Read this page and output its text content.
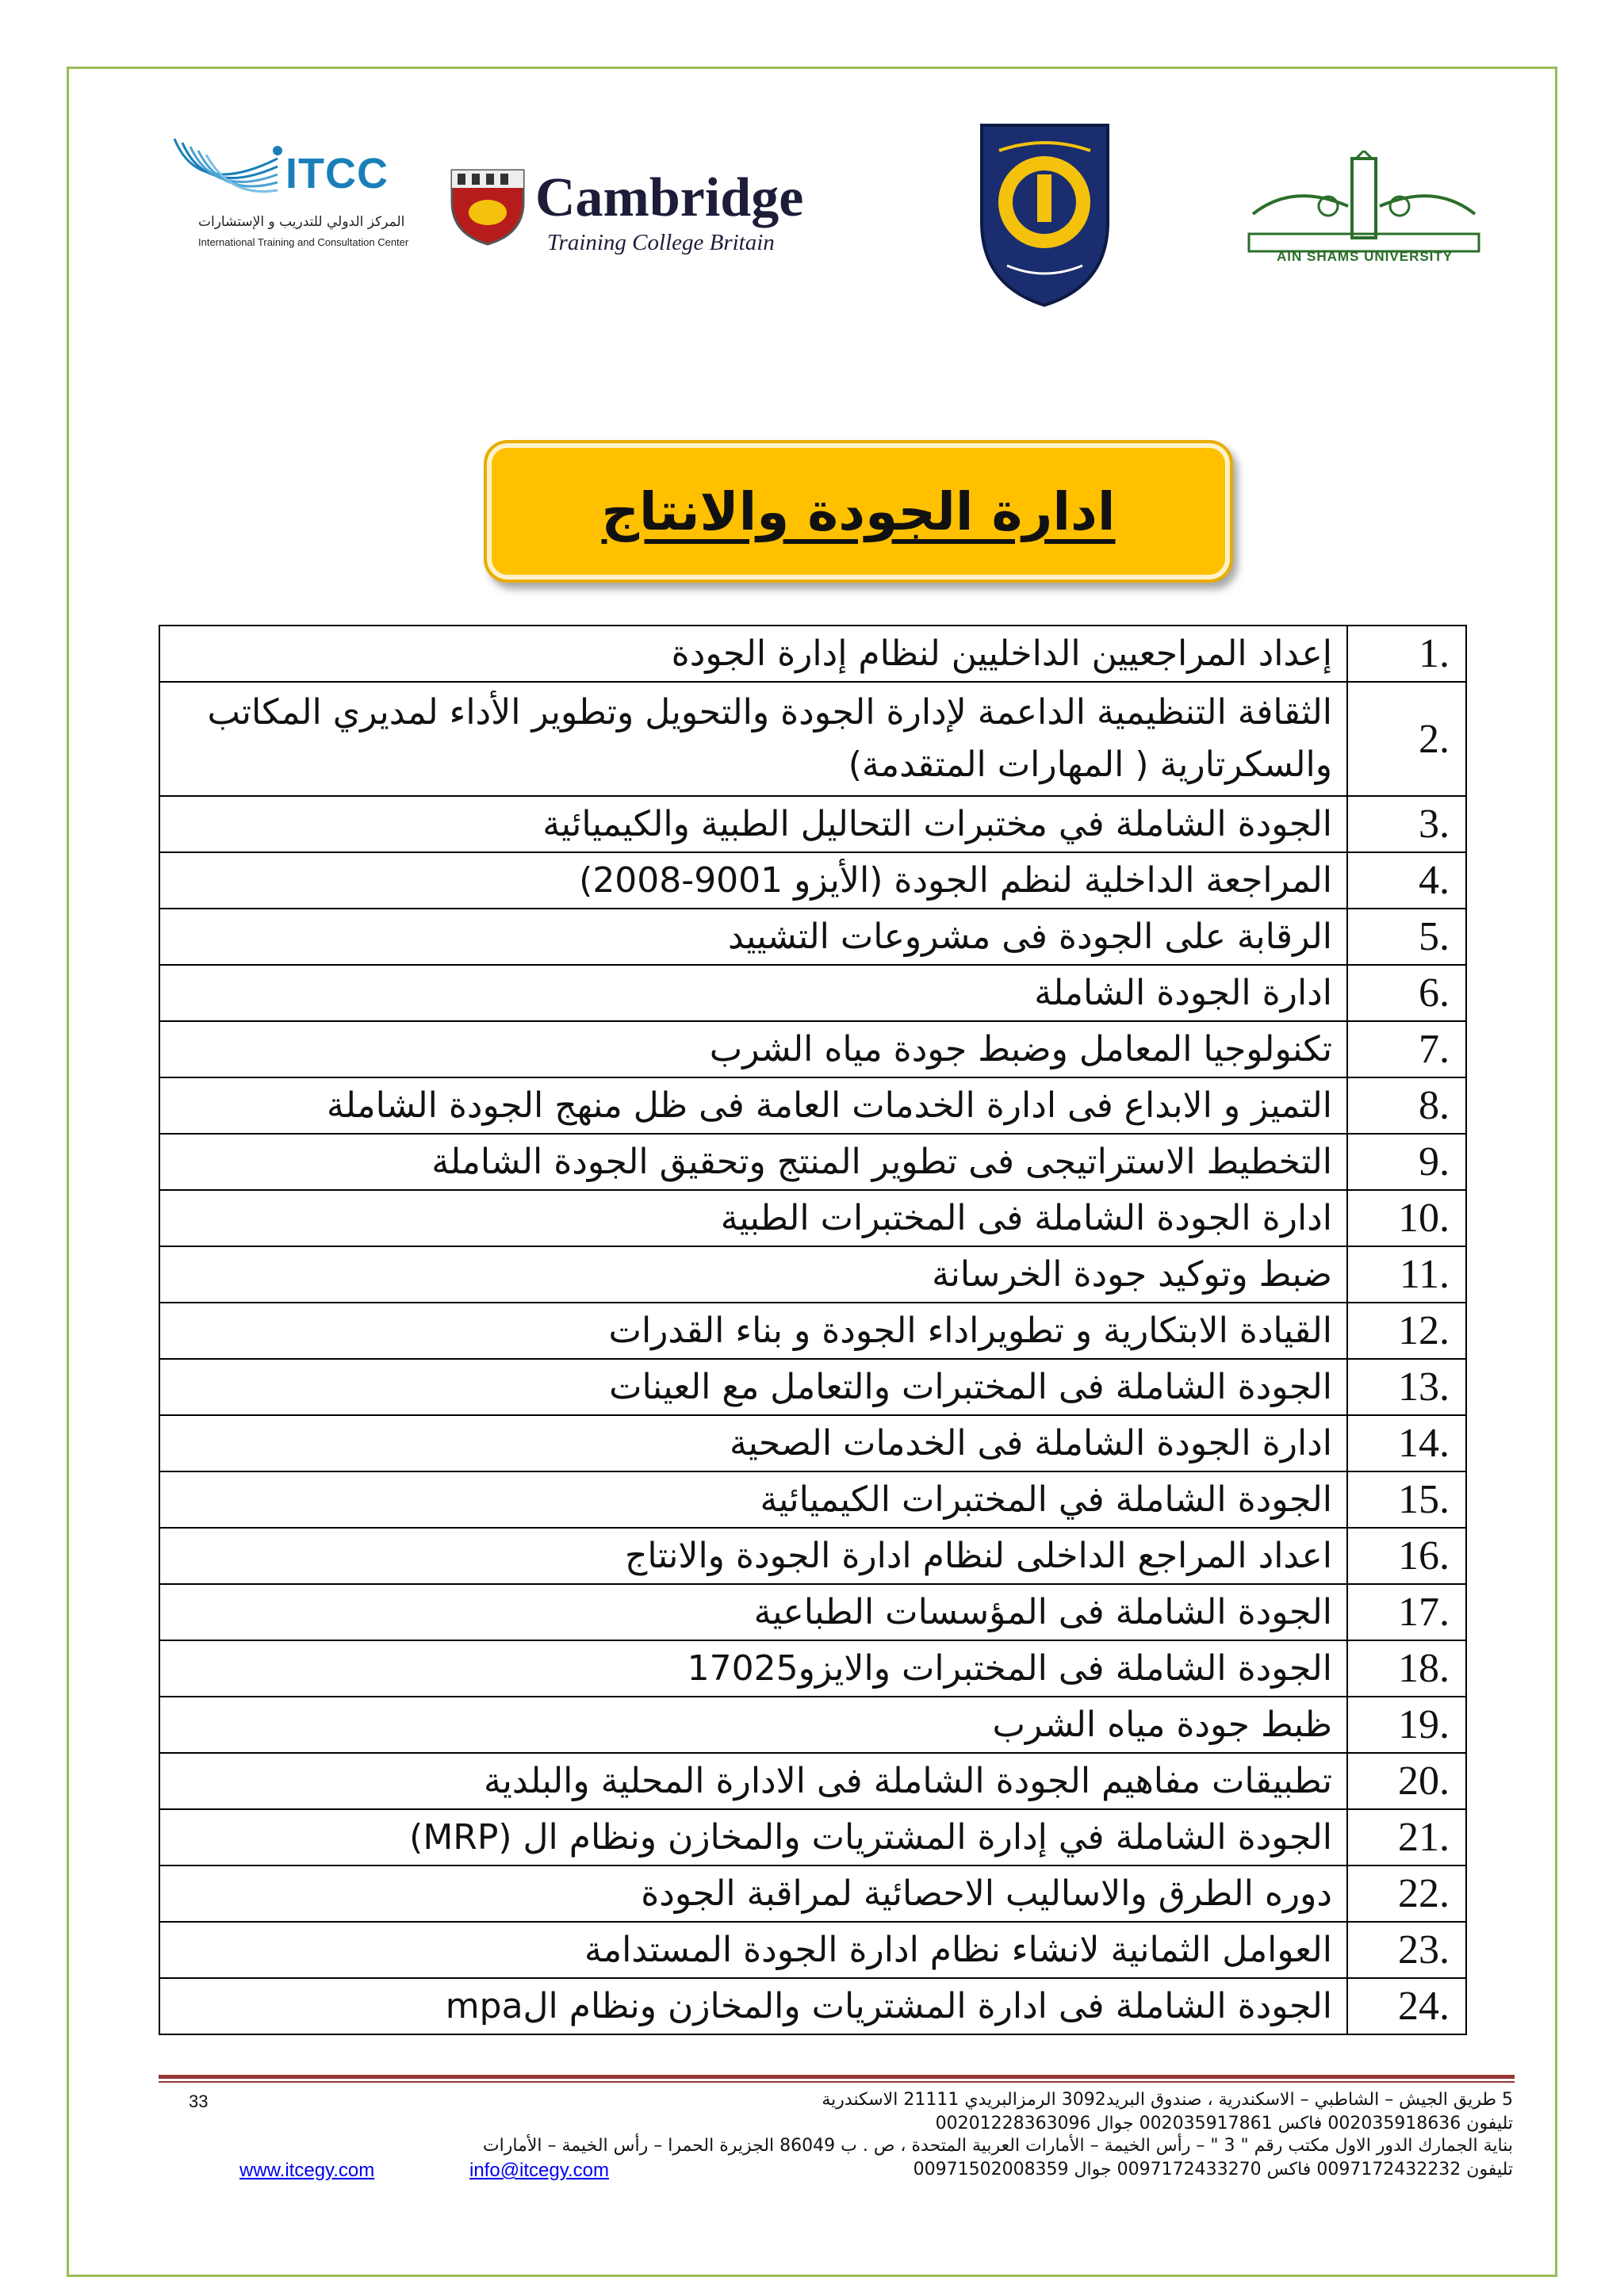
ITCC
المركز الدولي للتدريب و الإستشارات
International Training and Consultation Center
Cambridge
Training College Britain
AIN SHAMS UNIVERSITY
ادارة الجودة والانتاج
1.	إعداد المراجعيين الداخليين لنظام إدارة الجودة
2.	الثقافة التنظيمية الداعمة لإدارة الجودة والتحويل وتطوير الأداء لمديري المكاتب والسكرتارية ( المهارات المتقدمة)
3.	الجودة الشاملة في مختبرات التحاليل الطبية والكيميائية
4.	المراجعة الداخلية لنظم الجودة (الأيزو 9001-2008)
5.	الرقابة على الجودة فى مشروعات التشييد
6.	ادارة الجودة الشاملة
7.	تكنولوجيا المعامل وضبط جودة مياه الشرب
8.	التميز و الابداع فى ادارة الخدمات العامة فى ظل منهج الجودة الشاملة
9.	التخطيط الاستراتيجى فى تطوير المنتج وتحقيق الجودة الشاملة
10.	ادارة الجودة الشاملة فى المختبرات الطبية
11.	ضبط وتوكيد جودة الخرسانة
12.	القيادة الابتكارية و تطويراداء الجودة و بناء القدرات
13.	الجودة الشاملة فى المختبرات والتعامل مع العينات
14.	ادارة الجودة الشاملة فى الخدمات الصحية
15.	الجودة الشاملة في المختبرات الكيميائية
16.	اعداد المراجع الداخلى لنظام ادارة الجودة والانتاج
17.	الجودة الشاملة فى المؤسسات الطباعية
18.	الجودة الشاملة فى المختبرات والايزو17025
19.	ظبط جودة مياه الشرب
20.	تطبيقات مفاهيم الجودة الشاملة فى الادارة المحلية والبلدية
21.	الجودة الشاملة في إدارة المشتريات والمخازن ونظام ال (MRP)
22.	دوره الطرق والاساليب الاحصائية لمراقبة الجودة
23.	العوامل الثمانية لانشاء نظام ادارة الجودة المستدامة
24.	الجودة الشاملة فى ادارة المشتريات والمخازن ونظام الmpa
33	5 طريق الجيش – الشاطبي – الاسكندرية ، صندوق البريد3092 الرمزالبريدي 21111 الاسكندرية
تليفون 002035918636 فاكس 002035917861 جوال 00201228363096
بناية الجمارك الدور الاول مكتب رقم " 3 " – رأس الخيمة – الأمارات العربية المتحدة ، ص . ب 86049 الجزيرة الحمرا – رأس الخيمة – الأمارات
تليفون 0097172432232 فاكس 0097172433270 جوال 00971502008359
www.itcegy.com	info@itcegy.com
